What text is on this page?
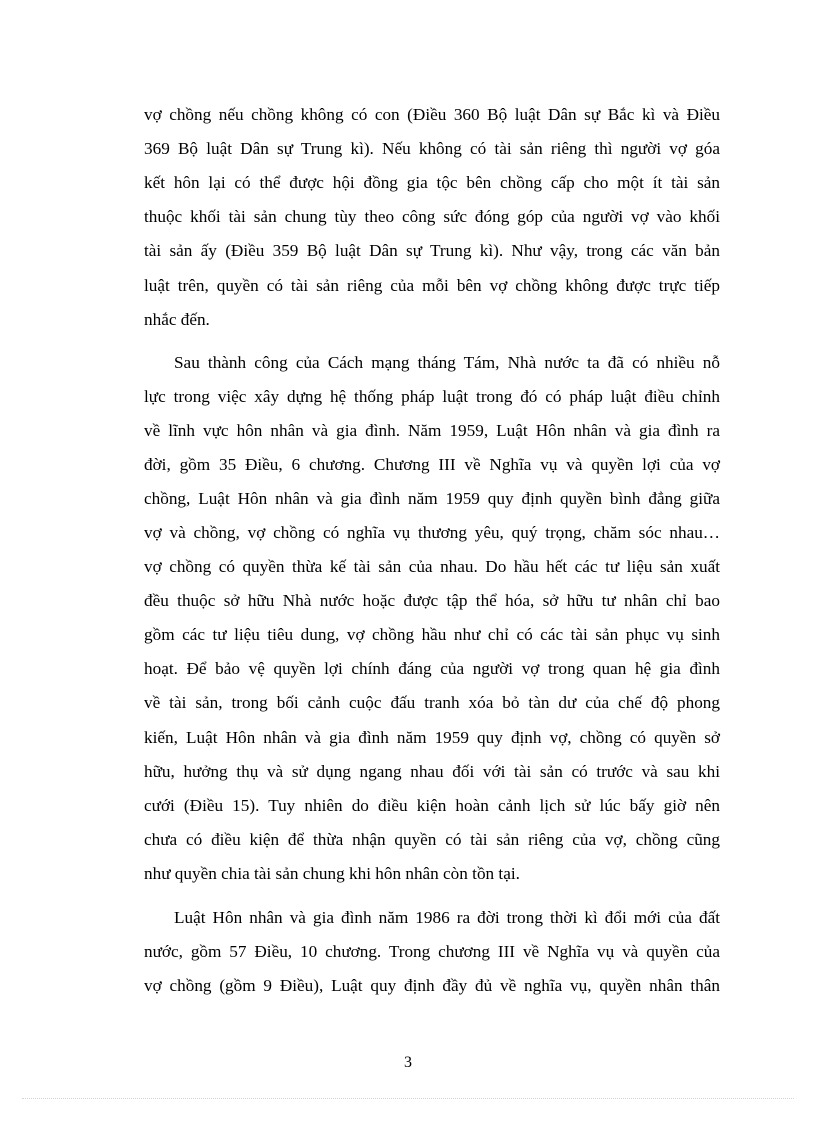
vợ chồng nếu chồng không có con (Điều 360 Bộ luật Dân sự Bắc kì và Điều
369 Bộ luật Dân sự Trung kì). Nếu không có tài sản riêng thì người vợ góa
kết hôn lại có thể được hội đồng gia tộc bên chồng cấp cho một ít tài sản
thuộc khối tài sản chung tùy theo công sức đóng góp của người vợ vào khối
tài sản ấy (Điều 359 Bộ luật Dân sự Trung kì). Như vậy, trong các văn bản
luật trên, quyền có tài sản riêng của mỗi bên vợ chồng không được trực tiếp
nhắc đến.
Sau thành công của Cách mạng tháng Tám, Nhà nước ta đã có nhiều nỗ
lực trong việc xây dựng hệ thống pháp luật trong đó có pháp luật điều chỉnh
về lĩnh vực hôn nhân và gia đình. Năm 1959, Luật Hôn nhân và gia đình ra
đời, gồm 35 Điều, 6 chương. Chương III về Nghĩa vụ và quyền lợi của vợ
chồng, Luật Hôn nhân và gia đình năm 1959 quy định quyền bình đẳng giữa
vợ và chồng, vợ chồng có nghĩa vụ thương yêu, quý trọng, chăm sóc nhau…
vợ chồng có quyền thừa kế tài sản của nhau. Do hầu hết các tư liệu sản xuất
đều thuộc sở hữu Nhà nước hoặc được tập thể hóa, sở hữu tư nhân chỉ bao
gồm các tư liệu tiêu dung, vợ chồng hầu như chỉ có các tài sản phục vụ sinh
hoạt. Để bảo vệ quyền lợi chính đáng của người vợ trong quan hệ gia đình
về tài sản, trong bối cảnh cuộc đấu tranh xóa bỏ tàn dư của chế độ phong
kiến, Luật Hôn nhân và gia đình năm 1959 quy định vợ, chồng có quyền sở
hữu, hưởng thụ và sử dụng ngang nhau đối với tài sản có trước và sau khi
cưới (Điều 15). Tuy nhiên do điều kiện hoàn cảnh lịch sử lúc bấy giờ nên
chưa có điều kiện để thừa nhận quyền có tài sản riêng của vợ, chồng cũng
như quyền chia tài sản chung khi hôn nhân còn tồn tại.
Luật Hôn nhân và gia đình năm 1986 ra đời trong thời kì đổi mới của đất
nước, gồm 57 Điều, 10 chương. Trong chương III về Nghĩa vụ và quyền của
vợ chồng (gồm 9 Điều), Luật quy định đầy đủ về nghĩa vụ, quyền nhân thân
3
